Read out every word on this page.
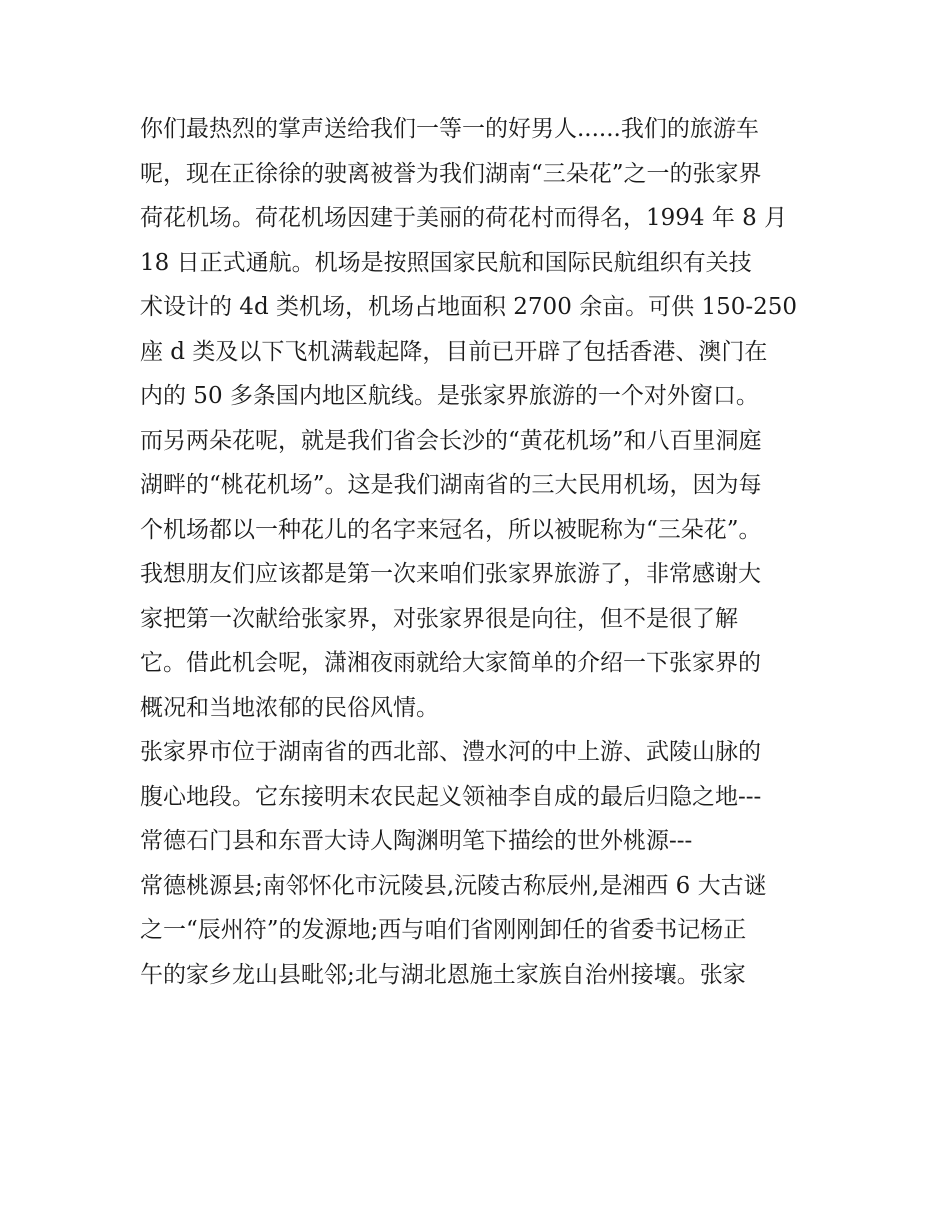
你们最热烈的掌声送给我们一等一的好男人......我们的旅游车
呢，现在正徐徐的驶离被誉为我们湖南“三朵花”之一的张家界
荷花机场。荷花机场因建于美丽的荷花村而得名，1994 年 8 月
18 日正式通航。机场是按照国家民航和国际民航组织有关技
术设计的 4d 类机场，机场占地面积 2700 余亩。可供 150-250
座 d 类及以下飞机满载起降，目前已开辟了包括香港、澳门在
内的 50 多条国内地区航线。是张家界旅游的一个对外窗口。
而另两朵花呢，就是我们省会长沙的“黄花机场”和八百里洞庭
湖畔的“桃花机场”。这是我们湖南省的三大民用机场，因为每
个机场都以一种花儿的名字来冠名，所以被昵称为“三朵花”。
我想朋友们应该都是第一次来咱们张家界旅游了，非常感谢大
家把第一次献给张家界，对张家界很是向往，但不是很了解
它。借此机会呢，潇湘夜雨就给大家简单的介绍一下张家界的
概况和当地浓郁的民俗风情。
张家界市位于湖南省的西北部、澧水河的中上游、武陵山脉的
腹心地段。它东接明末农民起义领袖李自成的最后归隐之地---
常德石门县和东晋大诗人陶渊明笔下描绘的世外桃源---
常德桃源县;南邻怀化市沅陵县,沅陵古称辰州,是湘西 6 大古谜
之一“辰州符”的发源地;西与咱们省刚刚卸任的省委书记杨正
午的家乡龙山县毗邻;北与湖北恩施土家族自治州接壤。张家
